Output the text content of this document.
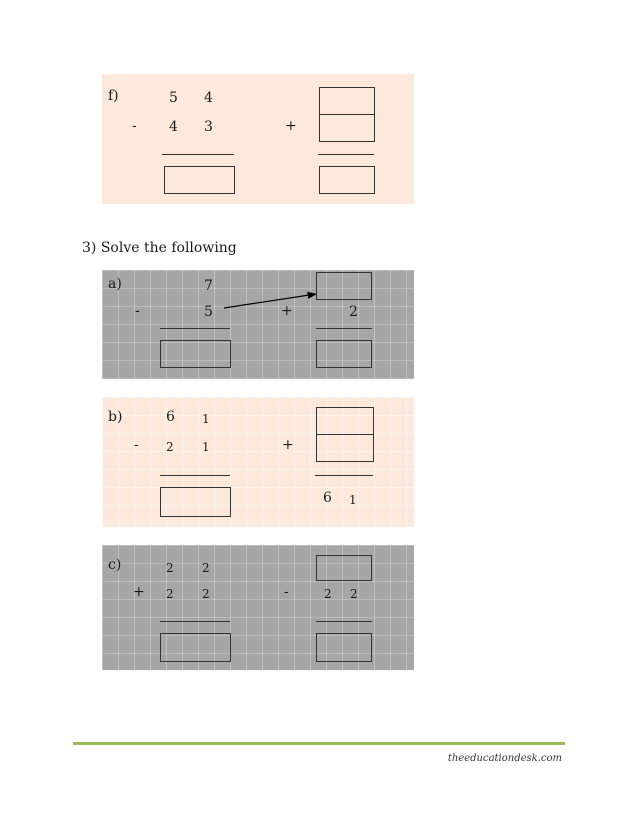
f)	5 4
- 4 3	+
3) Solve the following
a)	7
-	5	+	2
b)	6 1
- 2 1	+
6 1
c)	2 2
+ 2 2	-	2 2
theeducationdesk.com
